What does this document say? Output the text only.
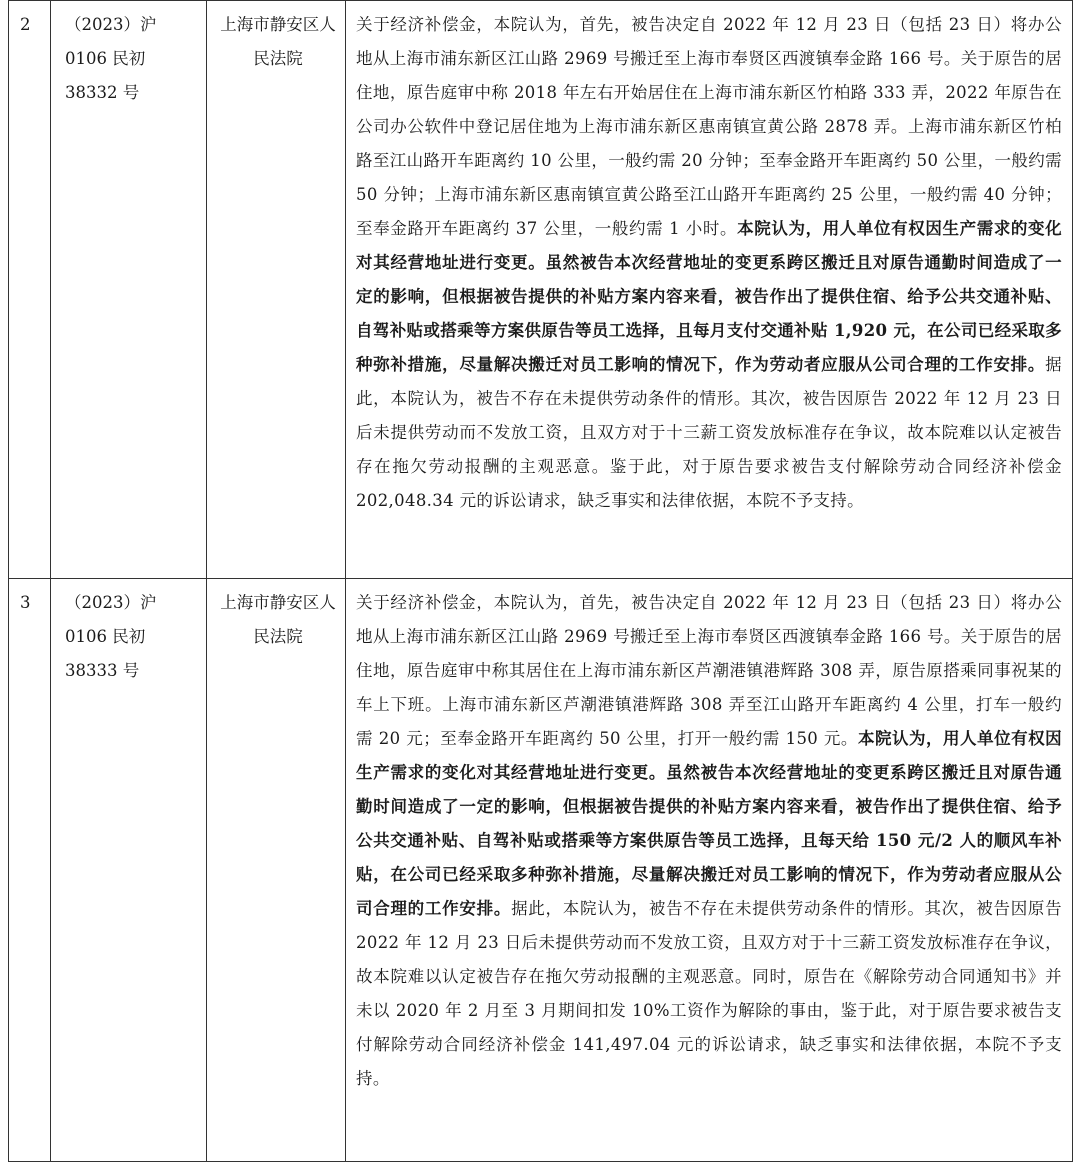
2	（2023）沪 0106 民初 38332 号	上海市静安区人民法院	关于经济补偿金，本院认为，首先，被告决定自 2022 年 12 月 23 日（包括 23 日）将办公地从上海市浦东新区江山路 2969 号搬迁至上海市奉贤区西渡镇奉金路 166 号。关于原告的居住地，原告庭审中称 2018 年左右开始居住在上海市浦东新区竹柏路 333 弄，2022 年原告在公司办公软件中登记居住地为上海市浦东新区惠南镇宣黄公路 2878 弄。上海市浦东新区竹柏路至江山路开车距离约 10 公里，一般约需 20 分钟；至奉金路开车距离约 50 公里，一般约需 50 分钟；上海市浦东新区惠南镇宣黄公路至江山路开车距离约 25 公里，一般约需 40 分钟；至奉金路开车距离约 37 公里，一般约需 1 小时。本院认为，用人单位有权因生产需求的变化对其经营地址进行变更。虽然被告本次经营地址的变更系跨区搬迁且对原告通勤时间造成了一定的影响，但根据被告提供的补贴方案内容来看，被告作出了提供住宿、给予公共交通补贴、自驾补贴或搭乘等方案供原告等员工选择，且每月支付交通补贴 1,920 元，在公司已经采取多种弥补措施，尽量解决搬迁对员工影响的情况下，作为劳动者应服从公司合理的工作安排。据此，本院认为，被告不存在未提供劳动条件的情形。其次，被告因原告 2022 年 12 月 23 日后未提供劳动而不发放工资，且双方对于十三薪工资发放标准存在争议，故本院难以认定被告存在拖欠劳动报酬的主观恶意。鉴于此，对于原告要求被告支付解除劳动合同经济补偿金 202,048.34 元的诉讼请求，缺乏事实和法律依据，本院不予支持。
3	（2023）沪 0106 民初 38333 号	上海市静安区人民法院	关于经济补偿金，本院认为，首先，被告决定自 2022 年 12 月 23 日（包括 23 日）将办公地从上海市浦东新区江山路 2969 号搬迁至上海市奉贤区西渡镇奉金路 166 号。关于原告的居住地，原告庭审中称其居住在上海市浦东新区芦潮港镇港辉路 308 弄，原告原搭乘同事祝某的车上下班。上海市浦东新区芦潮港镇港辉路 308 弄至江山路开车距离约 4 公里，打车一般约需 20 元；至奉金路开车距离约 50 公里，打开一般约需 150 元。本院认为，用人单位有权因生产需求的变化对其经营地址进行变更。虽然被告本次经营地址的变更系跨区搬迁且对原告通勤时间造成了一定的影响，但根据被告提供的补贴方案内容来看，被告作出了提供住宿、给予公共交通补贴、自驾补贴或搭乘等方案供原告等员工选择，且每天给 150 元/2 人的顺风车补贴，在公司已经采取多种弥补措施，尽量解决搬迁对员工影响的情况下，作为劳动者应服从公司合理的工作安排。据此，本院认为，被告不存在未提供劳动条件的情形。其次，被告因原告 2022 年 12 月 23 日后未提供劳动而不发放工资，且双方对于十三薪工资发放标准存在争议，故本院难以认定被告存在拖欠劳动报酬的主观恶意。同时，原告在《解除劳动合同通知书》并未以 2020 年 2 月至 3 月期间扣发 10%工资作为解除的事由，鉴于此，对于原告要求被告支付解除劳动合同经济补偿金 141,497.04 元的诉讼请求，缺乏事实和法律依据，本院不予支持。
